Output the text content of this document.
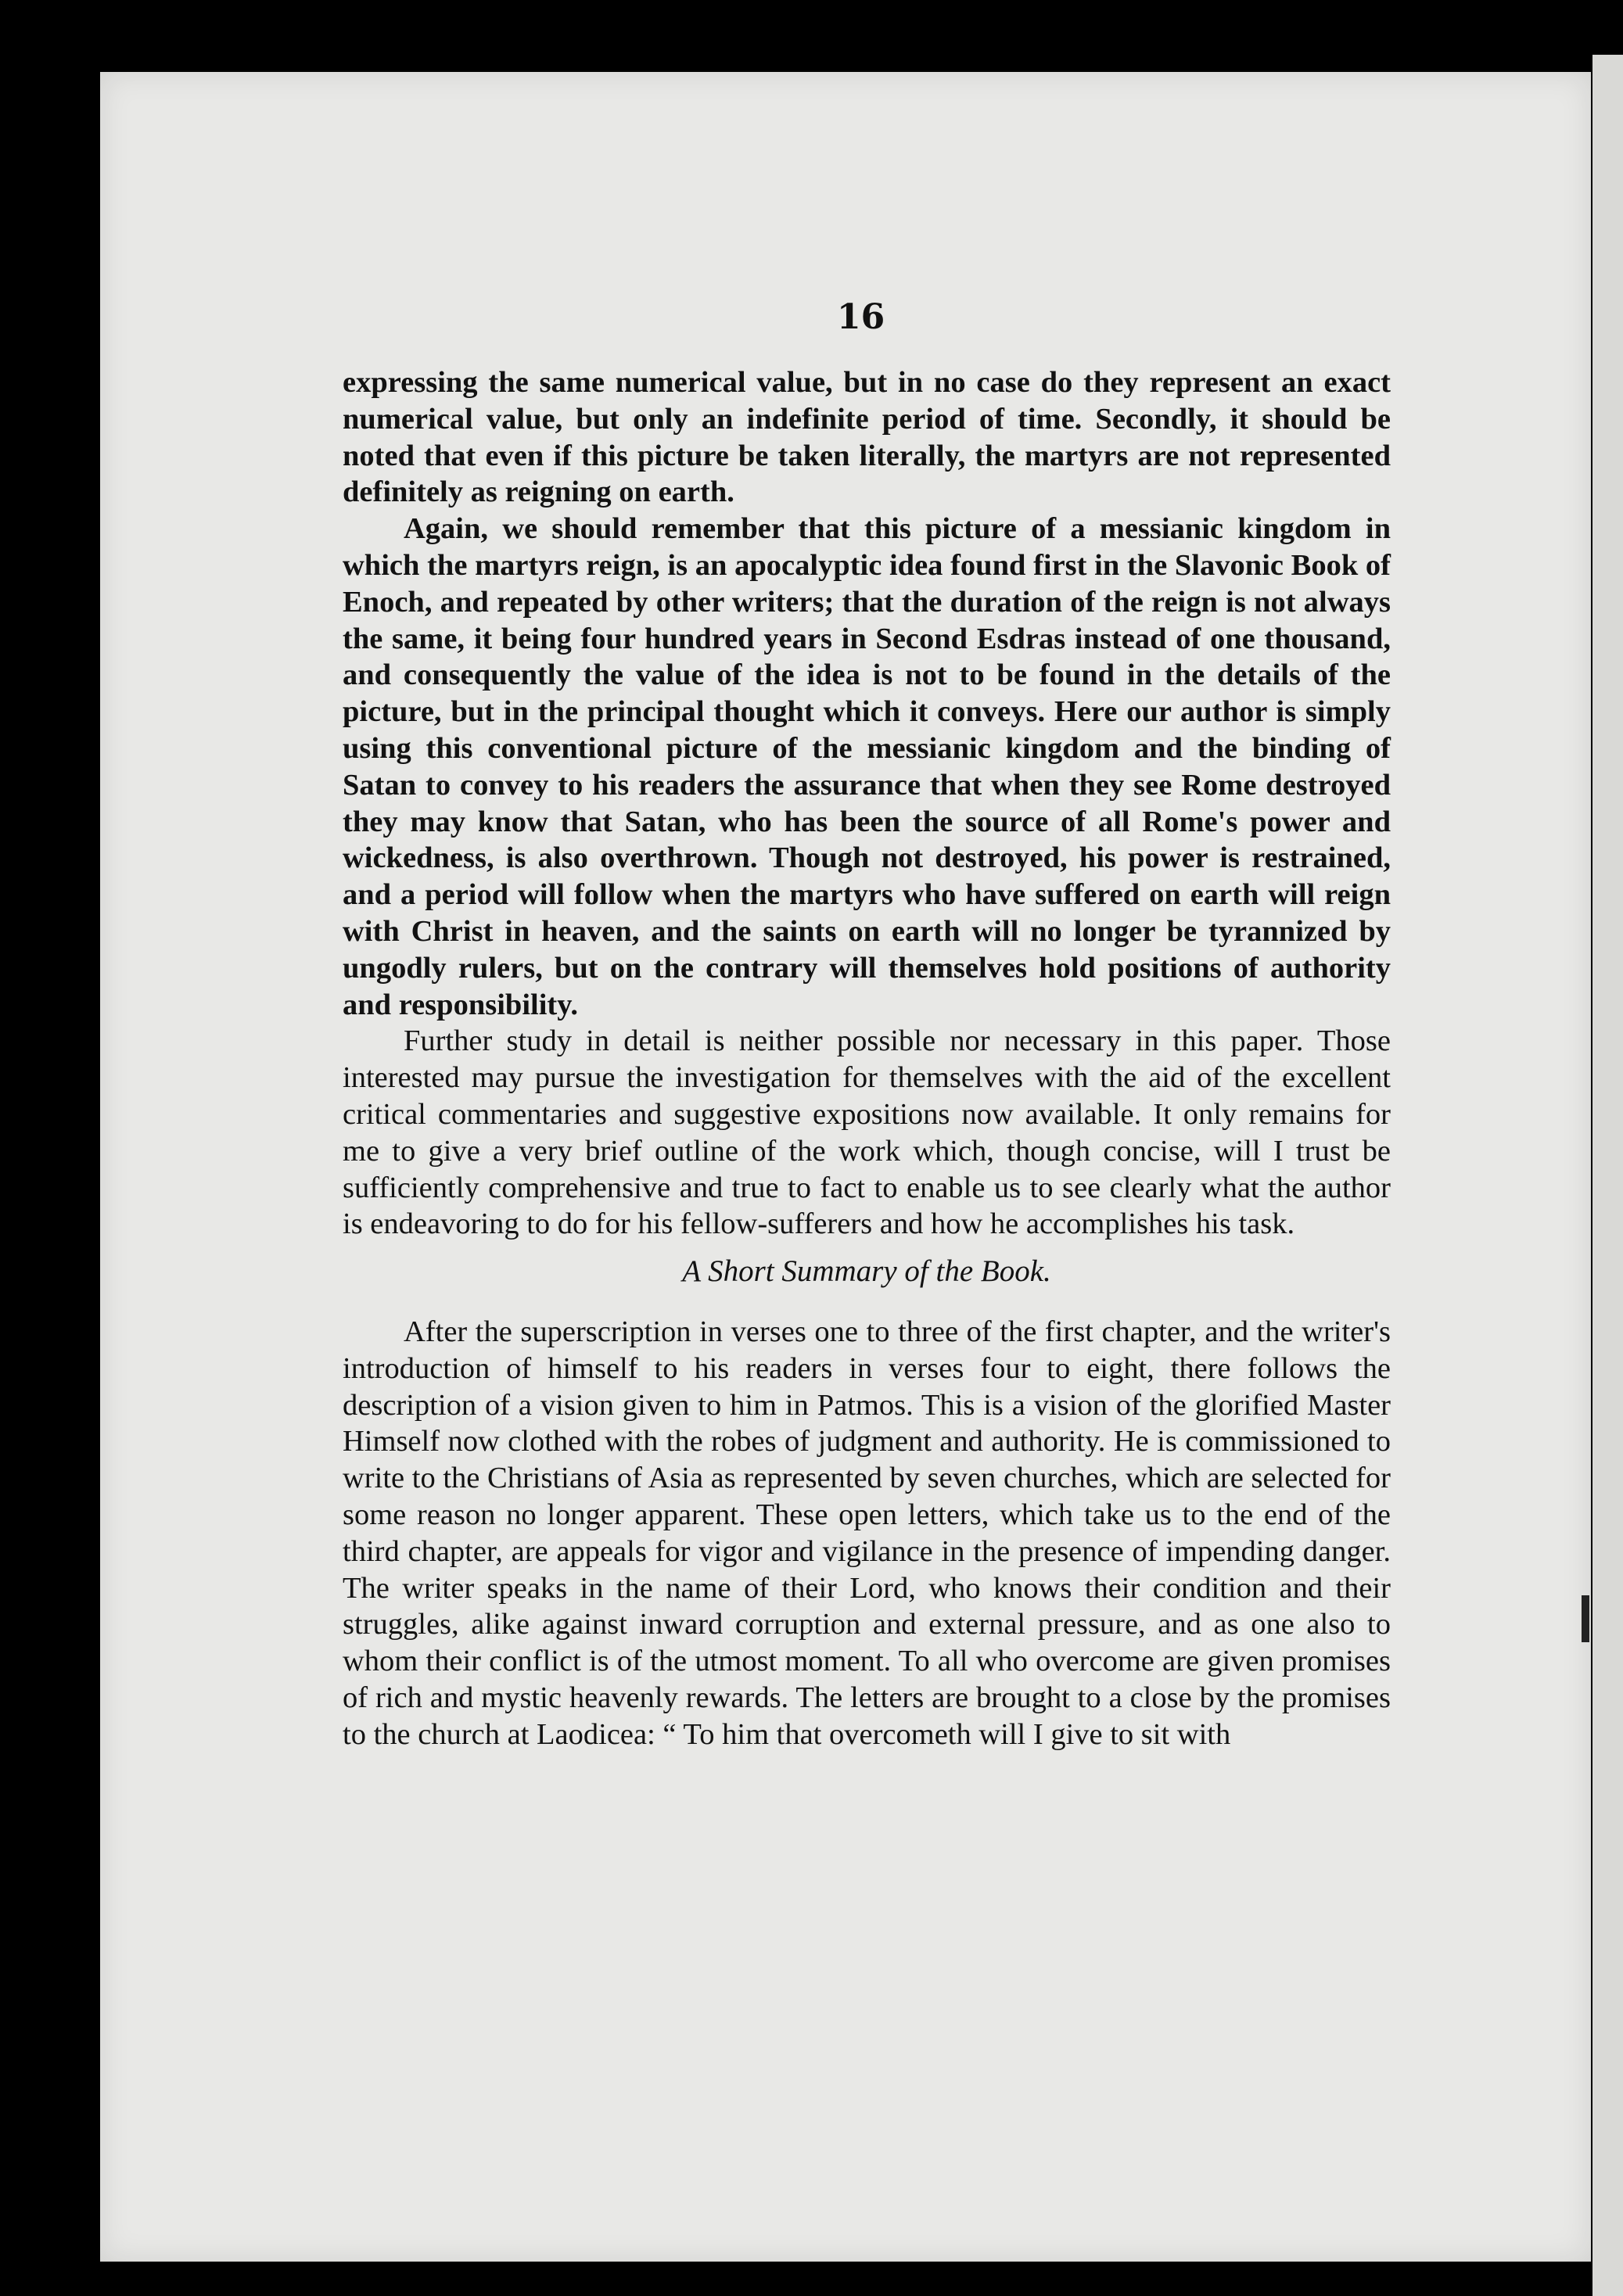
16

expressing the same numerical value, but in no case do they represent an exact numerical value, but only an indefinite period of time. Secondly, it should be noted that even if this picture be taken literally, the martyrs are not represented definitely as reigning on earth.

Again, we should remember that this picture of a messianic kingdom in which the martyrs reign, is an apocalyptic idea found first in the Slavonic Book of Enoch, and repeated by other writers; that the duration of the reign is not always the same, it being four hundred years in Second Esdras instead of one thousand, and consequently the value of the idea is not to be found in the details of the picture, but in the principal thought which it conveys. Here our author is simply using this conventional picture of the messianic kingdom and the binding of Satan to convey to his readers the assurance that when they see Rome destroyed they may know that Satan, who has been the source of all Rome's power and wickedness, is also overthrown. Though not destroyed, his power is restrained, and a period will follow when the martyrs who have suffered on earth will reign with Christ in heaven, and the saints on earth will no longer be tyrannized by ungodly rulers, but on the contrary will themselves hold positions of authority and responsibility.

Further study in detail is neither possible nor necessary in this paper. Those interested may pursue the investigation for themselves with the aid of the excellent critical commentaries and suggestive expositions now available. It only remains for me to give a very brief outline of the work which, though concise, will I trust be sufficiently comprehensive and true to fact to enable us to see clearly what the author is endeavoring to do for his fellow-sufferers and how he accomplishes his task.

A Short Summary of the Book.

After the superscription in verses one to three of the first chapter, and the writer's introduction of himself to his readers in verses four to eight, there follows the description of a vision given to him in Patmos. This is a vision of the glorified Master Himself now clothed with the robes of judgment and authority. He is commissioned to write to the Christians of Asia as represented by seven churches, which are selected for some reason no longer apparent. These open letters, which take us to the end of the third chapter, are appeals for vigor and vigilance in the presence of impending danger. The writer speaks in the name of their Lord, who knows their condition and their struggles, alike against inward corruption and external pressure, and as one also to whom their conflict is of the utmost moment. To all who overcome are given promises of rich and mystic heavenly rewards. The letters are brought to a close by the promises to the church at Laodicea: “ To him that overcometh will I give to sit with
